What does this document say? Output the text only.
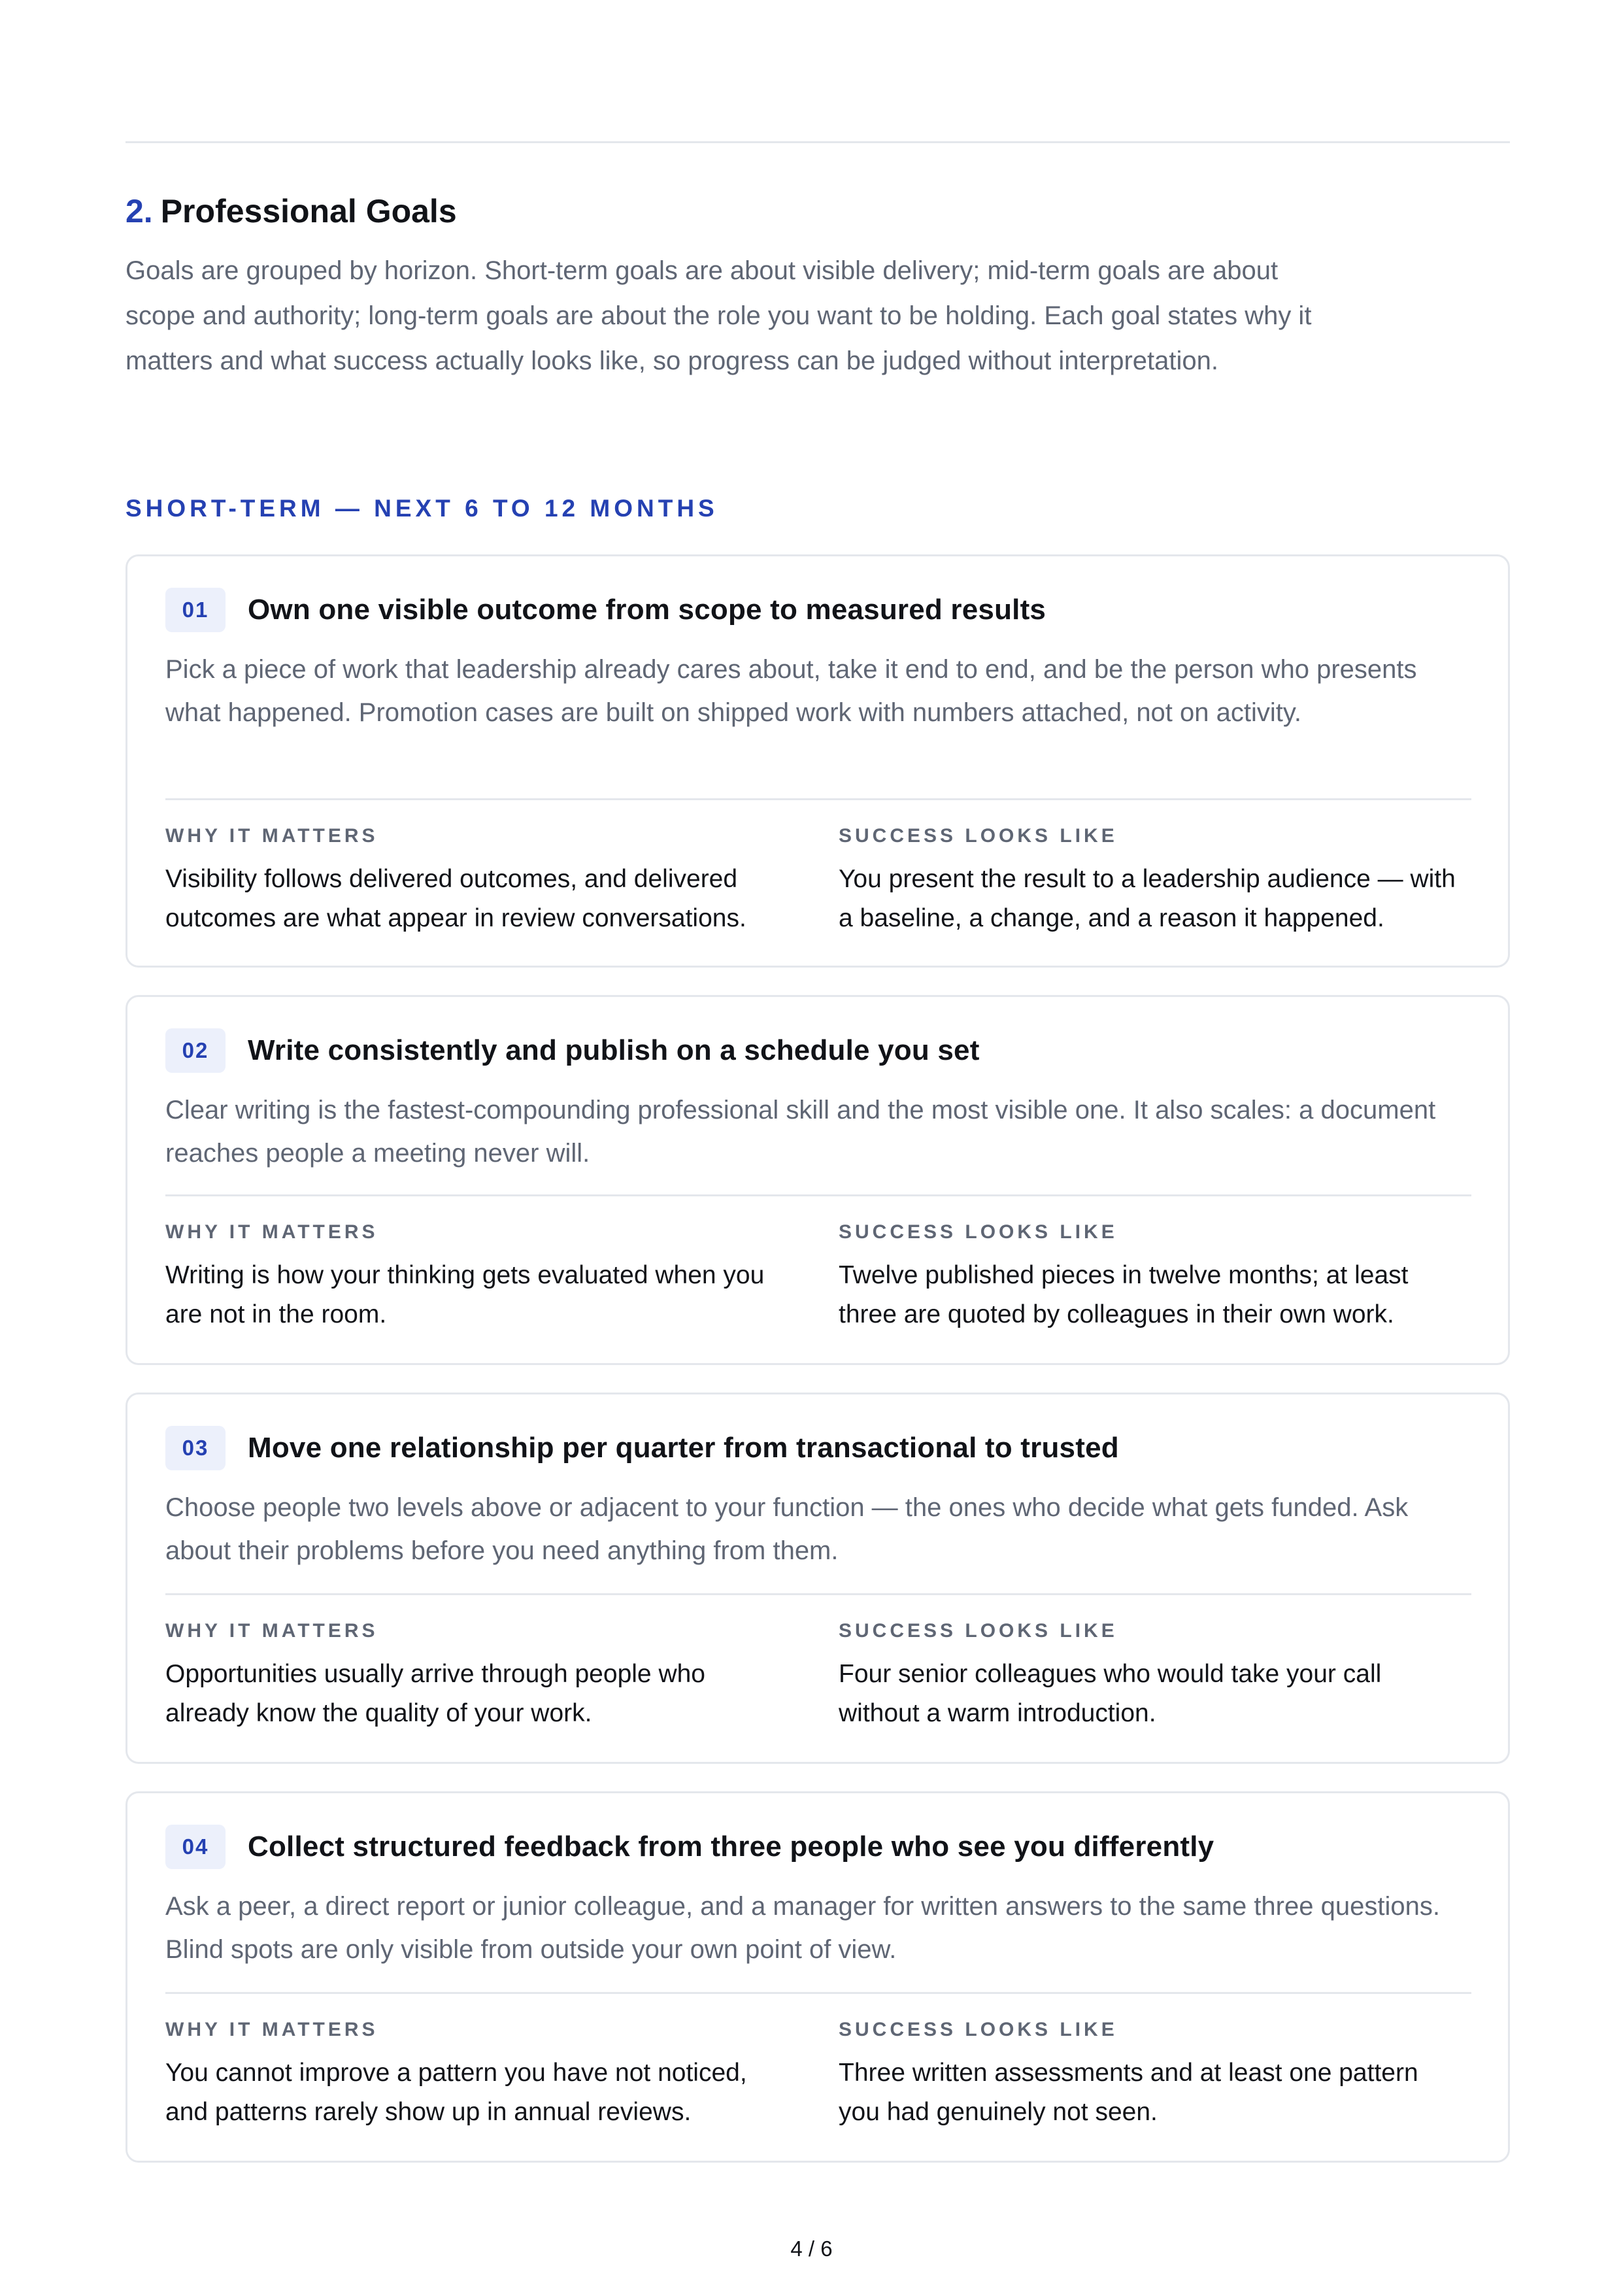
2. Professional Goals

Goals are grouped by horizon. Short-term goals are about visible delivery; mid-term goals are about scope and authority; long-term goals are about the role you want to be holding. Each goal states why it matters and what success actually looks like, so progress can be judged without interpretation.

SHORT-TERM — NEXT 6 TO 12 MONTHS

01	Own one visible outcome from scope to measured results

Pick a piece of work that leadership already cares about, take it end to end, and be the person who presents what happened. Promotion cases are built on shipped work with numbers attached, not on activity.

WHY IT MATTERS

Visibility follows delivered outcomes, and delivered outcomes are what appear in review conversations.

SUCCESS LOOKS LIKE

You present the result to a leadership audience — with a baseline, a change, and a reason it happened.

02	Write consistently and publish on a schedule you set

Clear writing is the fastest-compounding professional skill and the most visible one. It also scales: a document reaches people a meeting never will.

WHY IT MATTERS

Writing is how your thinking gets evaluated when you are not in the room.

SUCCESS LOOKS LIKE

Twelve published pieces in twelve months; at least three are quoted by colleagues in their own work.

03	Move one relationship per quarter from transactional to trusted

Choose people two levels above or adjacent to your function — the ones who decide what gets funded. Ask about their problems before you need anything from them.

WHY IT MATTERS

Opportunities usually arrive through people who already know the quality of your work.

SUCCESS LOOKS LIKE

Four senior colleagues who would take your call without a warm introduction.

04	Collect structured feedback from three people who see you differently

Ask a peer, a direct report or junior colleague, and a manager for written answers to the same three questions. Blind spots are only visible from outside your own point of view.

WHY IT MATTERS

You cannot improve a pattern you have not noticed, and patterns rarely show up in annual reviews.

SUCCESS LOOKS LIKE

Three written assessments and at least one pattern you had genuinely not seen.

4 / 6
